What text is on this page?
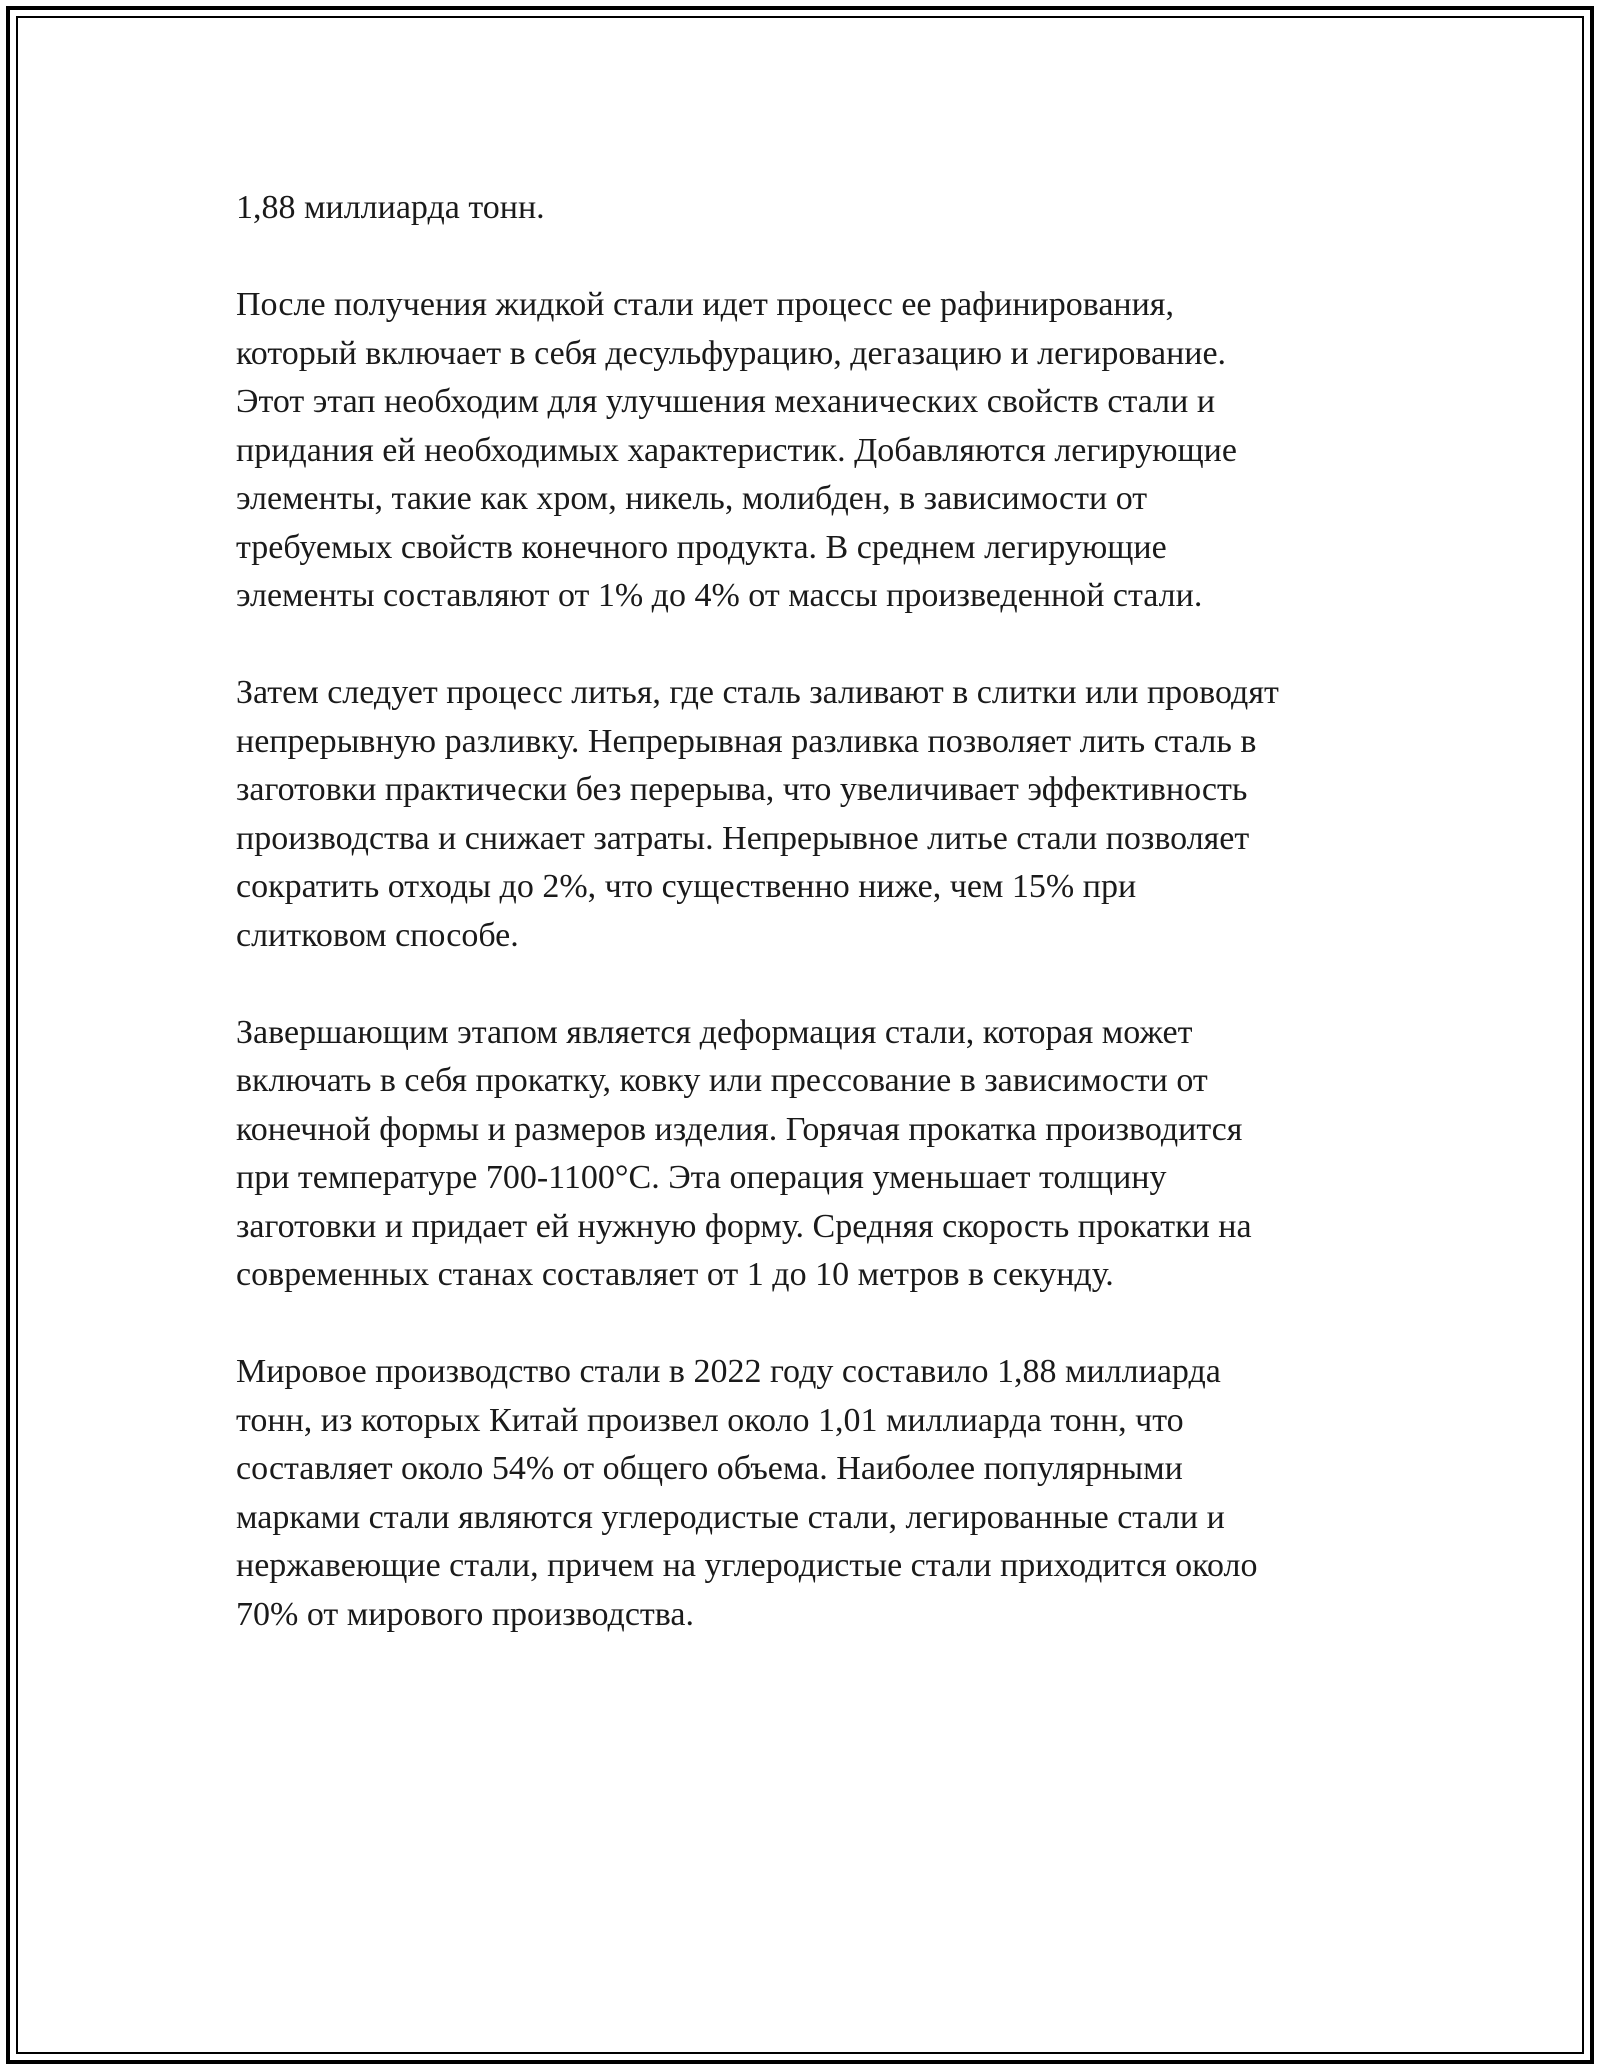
1,88 миллиарда тонн.

После получения жидкой стали идет процесс ее рафинирования,
который включает в себя десульфурацию, дегазацию и легирование.
Этот этап необходим для улучшения механических свойств стали и
придания ей необходимых характеристик. Добавляются легирующие
элементы, такие как хром, никель, молибден, в зависимости от
требуемых свойств конечного продукта. В среднем легирующие
элементы составляют от 1% до 4% от массы произведенной стали.

Затем следует процесс литья, где сталь заливают в слитки или проводят
непрерывную разливку. Непрерывная разливка позволяет лить сталь в
заготовки практически без перерыва, что увеличивает эффективность
производства и снижает затраты. Непрерывное литье стали позволяет
сократить отходы до 2%, что существенно ниже, чем 15% при
слитковом способе.

Завершающим этапом является деформация стали, которая может
включать в себя прокатку, ковку или прессование в зависимости от
конечной формы и размеров изделия. Горячая прокатка производится
при температуре 700-1100°C. Эта операция уменьшает толщину
заготовки и придает ей нужную форму. Средняя скорость прокатки на
современных станах составляет от 1 до 10 метров в секунду.

Мировое производство стали в 2022 году составило 1,88 миллиарда
тонн, из которых Китай произвел около 1,01 миллиарда тонн, что
составляет около 54% от общего объема. Наиболее популярными
марками стали являются углеродистые стали, легированные стали и
нержавеющие стали, причем на углеродистые стали приходится около
70% от мирового производства.
